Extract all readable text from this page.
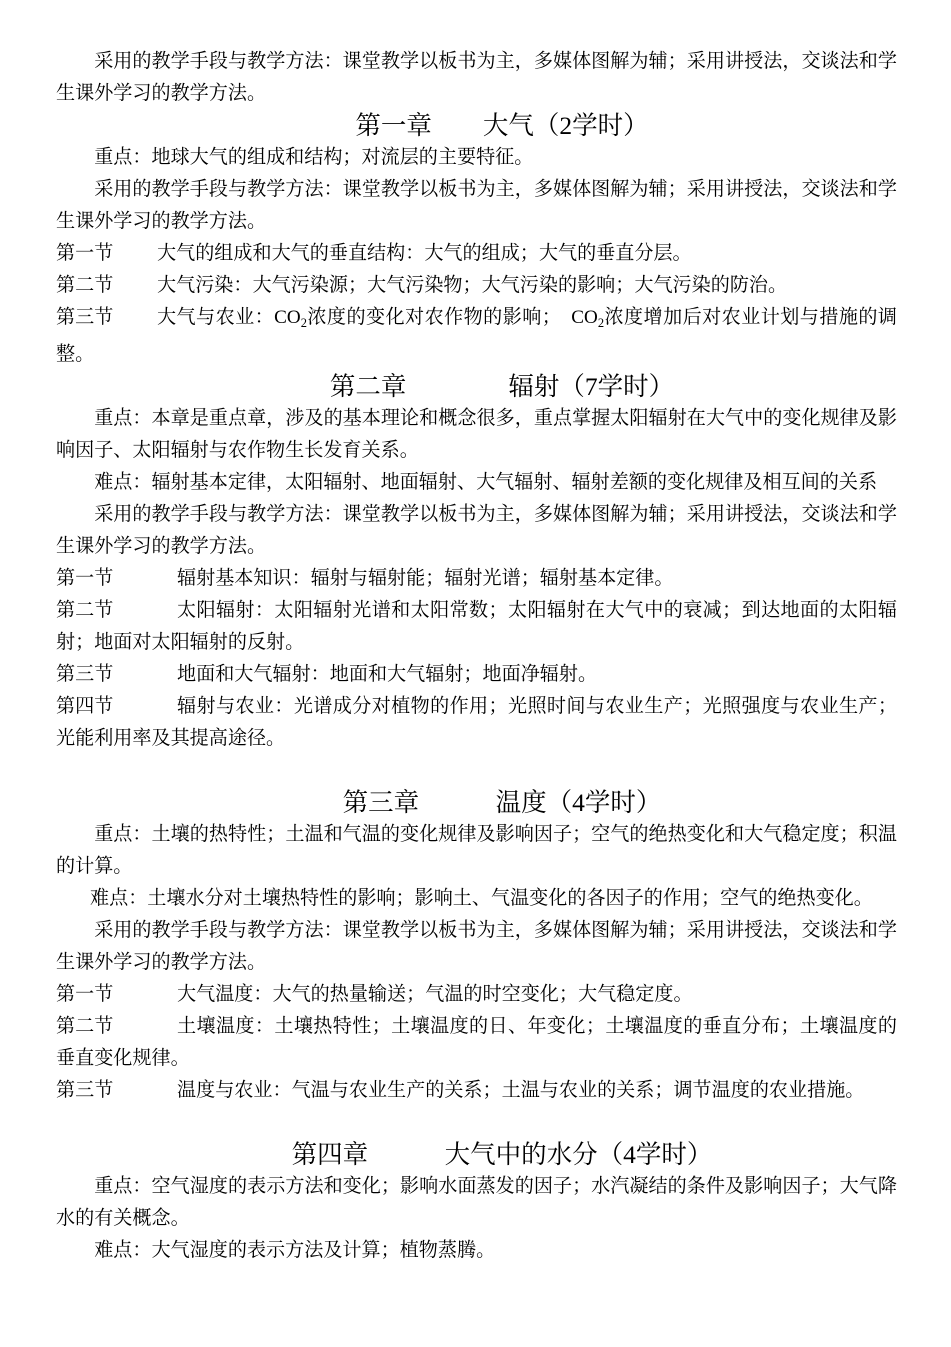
采用的教学手段与教学方法：课堂教学以板书为主，多媒体图解为辅；采用讲授法，交谈法和学
生课外学习的教学方法。
第一章　　大气（2学时）
重点：地球大气的组成和结构；对流层的主要特征。
采用的教学手段与教学方法：课堂教学以板书为主，多媒体图解为辅；采用讲授法，交谈法和学
生课外学习的教学方法。
第一节	大气的组成和大气的垂直结构：大气的组成；大气的垂直分层。
第二节	大气污染：大气污染源；大气污染物；大气污染的影响；大气污染的防治。
第三节	大气与农业：$CO_2$浓度的变化对农作物的影响；　$CO_2$浓度增加后对农业计划与措施的调
整。
第二章　　　　辐射（7学时）
重点：本章是重点章，涉及的基本理论和概念很多，重点掌握太阳辐射在大气中的变化规律及影
响因子、太阳辐射与农作物生长发育关系。
难点：辐射基本定律，太阳辐射、地面辐射、大气辐射、辐射差额的变化规律及相互间的关系
采用的教学手段与教学方法：课堂教学以板书为主，多媒体图解为辅；采用讲授法，交谈法和学
生课外学习的教学方法。
第一节	辐射基本知识：辐射与辐射能；辐射光谱；辐射基本定律。
第二节	太阳辐射：太阳辐射光谱和太阳常数；太阳辐射在大气中的衰减；到达地面的太阳辐
射；地面对太阳辐射的反射。
第三节	地面和大气辐射：地面和大气辐射；地面净辐射。
第四节	辐射与农业：光谱成分对植物的作用；光照时间与农业生产；光照强度与农业生产；
光能利用率及其提高途径。
第三章　　　温度（4学时）
重点：土壤的热特性；土温和气温的变化规律及影响因子；空气的绝热变化和大气稳定度；积温
的计算。
难点：土壤水分对土壤热特性的影响；影响土、气温变化的各因子的作用；空气的绝热变化。
采用的教学手段与教学方法：课堂教学以板书为主，多媒体图解为辅；采用讲授法，交谈法和学
生课外学习的教学方法。
第一节	大气温度：大气的热量输送；气温的时空变化；大气稳定度。
第二节	土壤温度：土壤热特性；土壤温度的日、年变化；土壤温度的垂直分布；土壤温度的
垂直变化规律。
第三节	温度与农业：气温与农业生产的关系；土温与农业的关系；调节温度的农业措施。
第四章　　　大气中的水分（4学时）
重点：空气湿度的表示方法和变化；影响水面蒸发的因子；水汽凝结的条件及影响因子；大气降
水的有关概念。
难点：大气湿度的表示方法及计算；植物蒸腾。
